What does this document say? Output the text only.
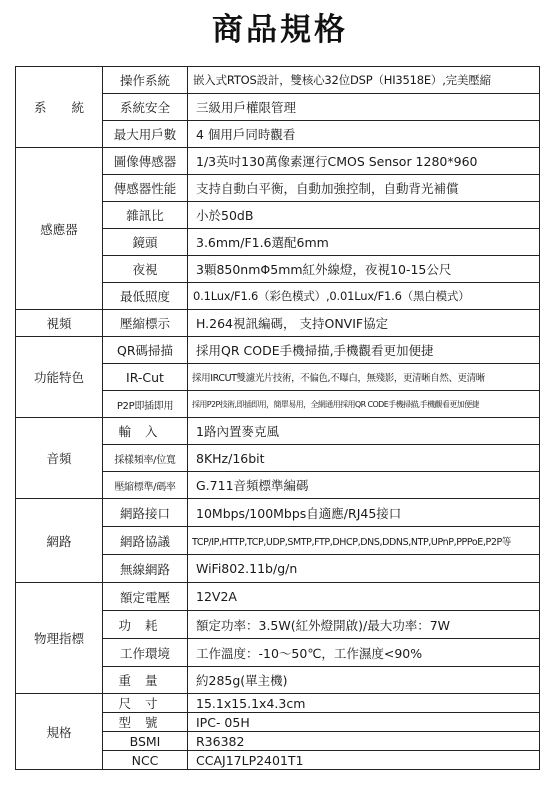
商品規格
系　　統	操作系統	嵌入式RTOS設計，雙核心32位DSP（HI3518E）,完美壓縮
	系統安全	三級用戶權限管理
	最大用戶數	4 個用戶同時觀看
感應器	圖像傳感器	1/3英吋130萬像素運行CMOS Sensor 1280*960
	傳感器性能	支持自動白平衡，自動加強控制，自動背光補償
	雜訊比	小於50dB
	鏡頭	3.6mm/F1.6選配6mm
	夜視	3顆850nmΦ5mm紅外線燈，夜視10-15公尺
	最低照度	0.1Lux/F1.6（彩色模式）,0.01Lux/F1.6（黑白模式）
視頻	壓縮標示	H.264視訊編碼， 支持ONVIF協定
功能特色	QR碼掃描	採用QR CODE手機掃描,手機觀看更加便捷
	IR-Cut	採用IRCUT雙濾光片技術，不偏色,不曝白，無殘影，更清晰自然、更清晰
	P2P即插即用	採用P2P技術,即插即用，簡單易用，全網通用採用QR CODE手機掃描,手機觀看更加便捷
音頻	輸入	1路內置麥克風
	採樣頻率/位寬	8KHz/16bit
	壓縮標準/碼率	G.711音頻標準編碼
網路	網路接口	10Mbps/100Mbps自適應/RJ45接口
	網路協議	TCP/IP,HTTP,TCP,UDP,SMTP,FTP,DHCP,DNS,DDNS,NTP,UPnP,PPPoE,P2P等
	無線網路	WiFi802.11b/g/n
物理指標	額定電壓	12V2A
	功耗	額定功率：3.5W(紅外燈開啟)/最大功率：7W
	工作環境	工作溫度：-10～50℃，工作濕度<90%
	重量	約285g(單主機)
規格	尺寸	15.1x15.1x4.3cm
	型號	IPC- 05H
	BSMI	R36382
	NCC	CCAJ17LP2401T1
